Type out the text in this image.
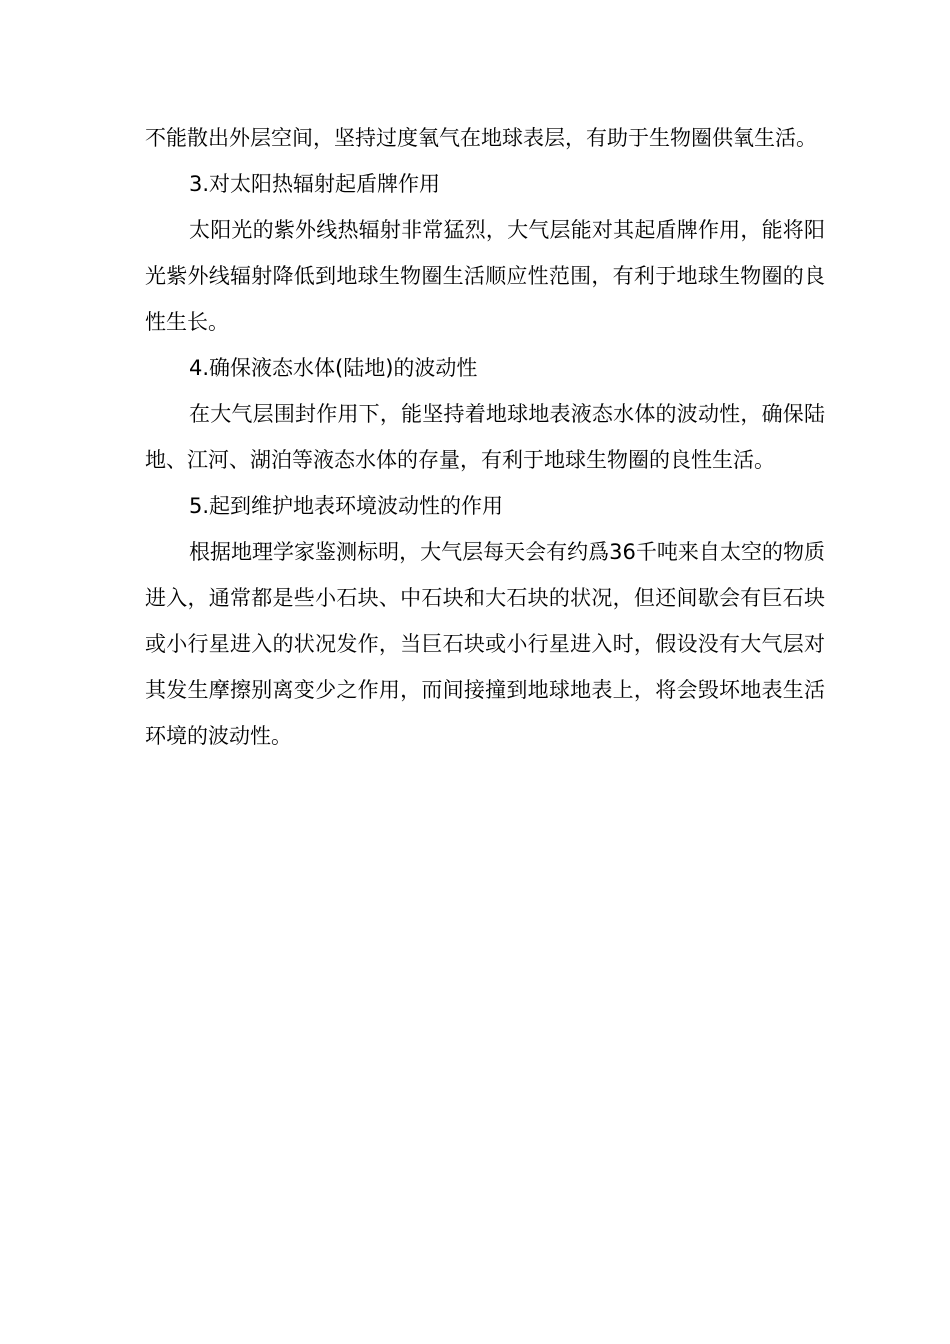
不能散出外层空间，坚持过度氧气在地球表层，有助于生物圈供氧生活。

3.对太阳热辐射起盾牌作用

太阳光的紫外线热辐射非常猛烈，大气层能对其起盾牌作用，能将阳光紫外线辐射降低到地球生物圈生活顺应性范围，有利于地球生物圈的良性生长。

4.确保液态水体(陆地)的波动性

在大气层围封作用下，能坚持着地球地表液态水体的波动性，确保陆地、江河、湖泊等液态水体的存量，有利于地球生物圈的良性生活。

5.起到维护地表环境波动性的作用

根据地理学家鉴测标明，大气层每天会有约爲36千吨来自太空的物质进入，通常都是些小石块、中石块和大石块的状况，但还间歇会有巨石块或小行星进入的状况发作，当巨石块或小行星进入时，假设没有大气层对其发生摩擦别离变少之作用，而间接撞到地球地表上，将会毁坏地表生活环境的波动性。
